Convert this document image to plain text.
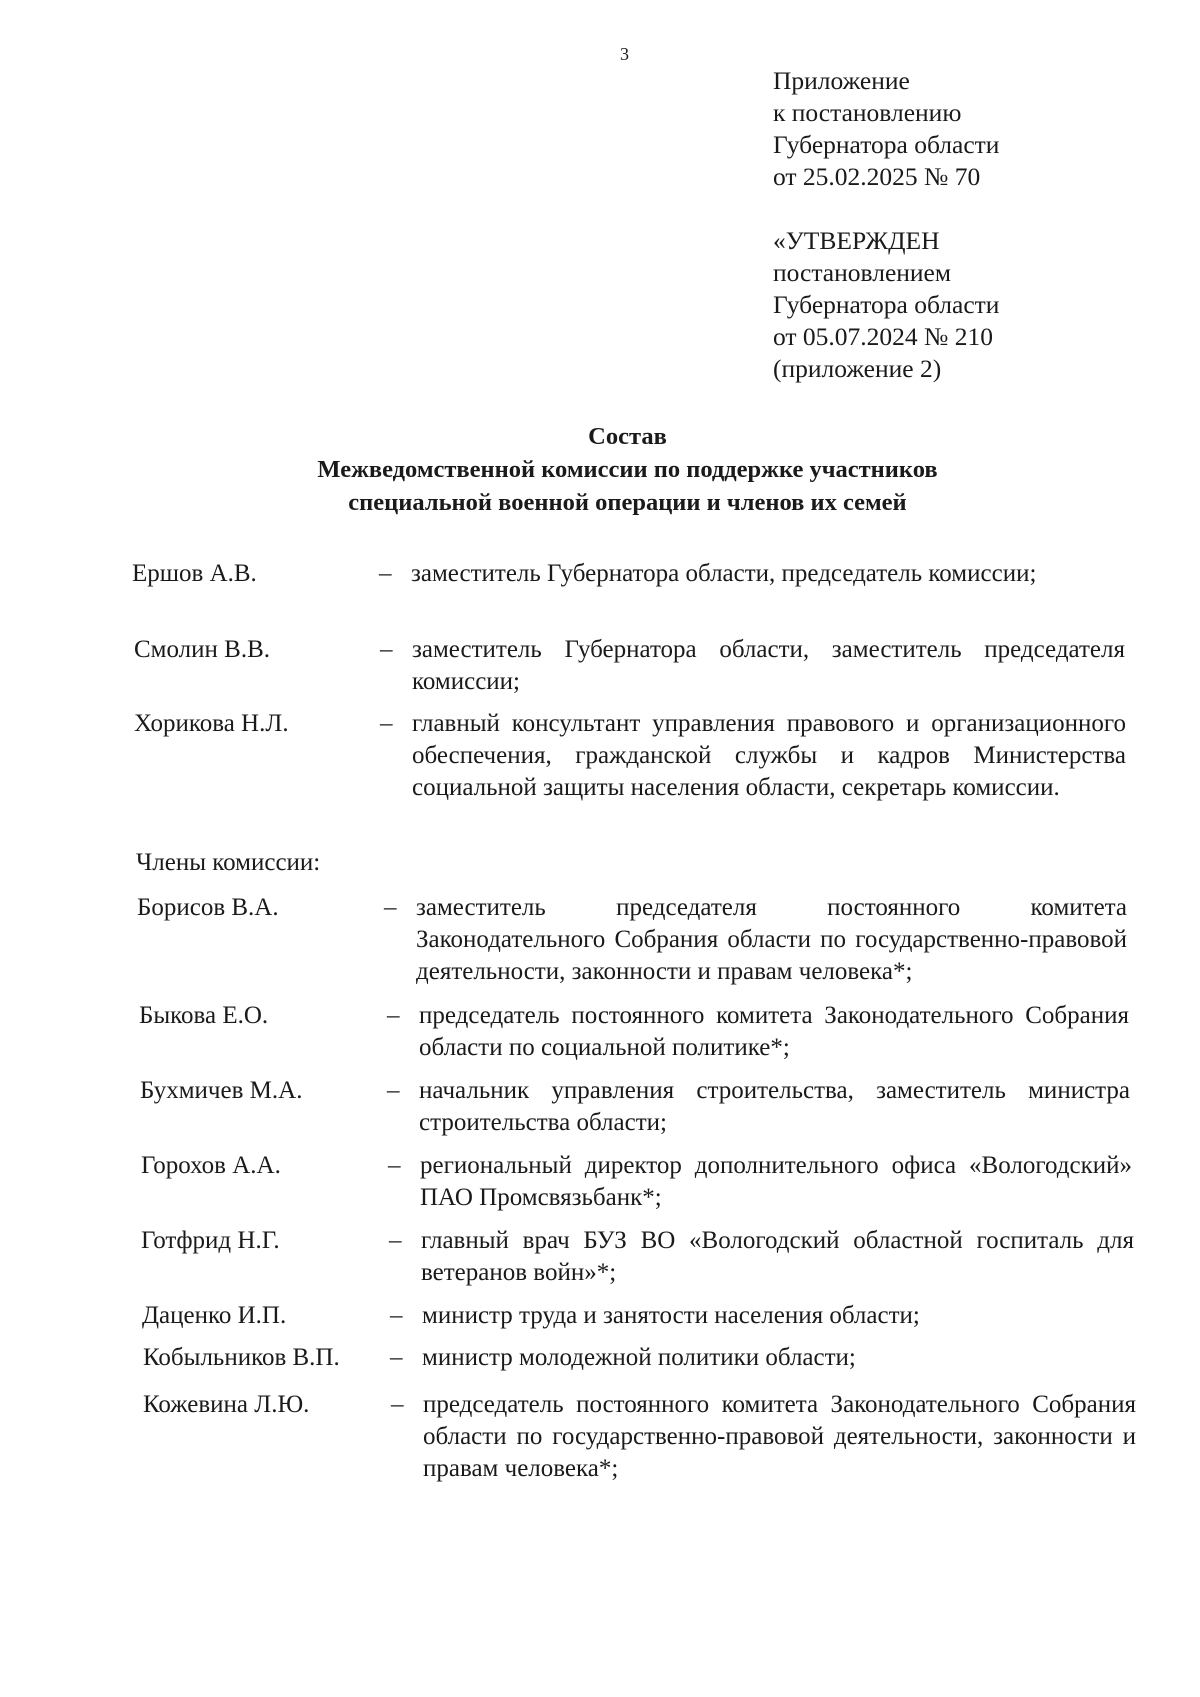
3
Приложение
к постановлению
Губернатора области
от 25.02.2025 № 70
«УТВЕРЖДЕН
постановлением
Губернатора области
от 05.07.2024 № 210
(приложение 2)
Состав
Межведомственной комиссии по поддержке участников
специальной военной операции и членов их семей
Ершов А.В.	– заместитель Губернатора области, председатель комиссии;
Смолин В.В.	– заместитель Губернатора области, заместитель председателя комиссии;
Хорикова Н.Л.	– главный консультант управления правового и организационного обеспечения, гражданской службы и кадров Министерства социальной защиты населения области, секретарь комиссии.
Члены комиссии:
Борисов В.А.	– заместитель председателя постоянного комитета Законодательного Собрания области по государственно-правовой деятельности, законности и правам человека*;
Быкова Е.О.	– председатель постоянного комитета Законодательного Собрания области по социальной политике*;
Бухмичев М.А.	– начальник управления строительства, заместитель министра строительства области;
Горохов А.А.	– региональный директор дополнительного офиса «Вологодский» ПАО Промсвязьбанк*;
Готфрид Н.Г.	– главный врач БУЗ ВО «Вологодский областной госпиталь для ветеранов войн»*;
Даценко И.П.	– министр труда и занятости населения области;
Кобыльников В.П. – министр молодежной политики области;
Кожевина Л.Ю.	– председатель постоянного комитета Законодательного Собрания области по государственно-правовой деятельности, законности и правам человека*;
